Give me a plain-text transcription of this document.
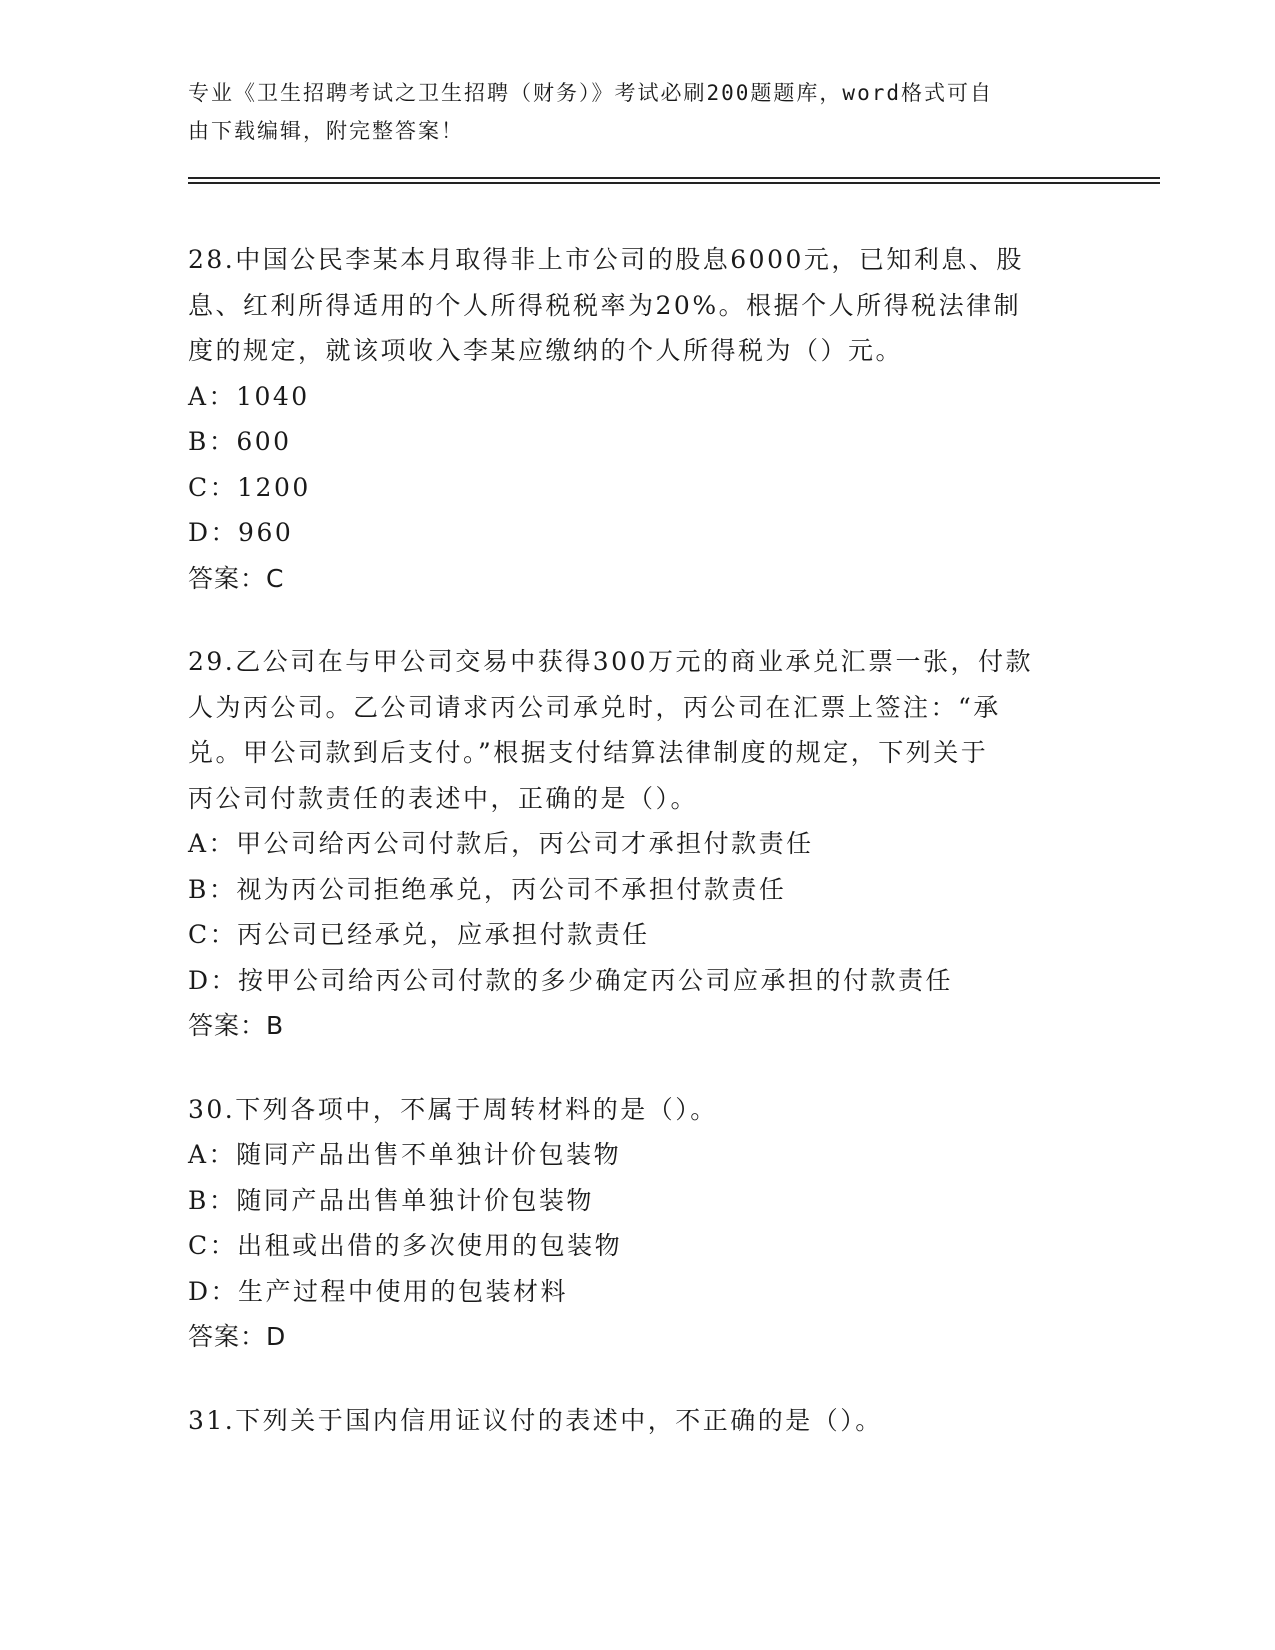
专业《卫生招聘考试之卫生招聘（财务）》考试必刷200题题库，word格式可自
由下载编辑，附完整答案！
28.中国公民李某本月取得非上市公司的股息6000元，已知利息、股
息、红利所得适用的个人所得税税率为20%。根据个人所得税法律制
度的规定，就该项收入李某应缴纳的个人所得税为（）元。
A： 1040
B： 600
C： 1200
D： 960
答案：C
29.乙公司在与甲公司交易中获得300万元的商业承兑汇票一张，付款
人为丙公司。乙公司请求丙公司承兑时，丙公司在汇票上签注：“承
兑。甲公司款到后支付。”根据支付结算法律制度的规定，下列关于
丙公司付款责任的表述中，正确的是（）。
A： 甲公司给丙公司付款后，丙公司才承担付款责任
B： 视为丙公司拒绝承兑，丙公司不承担付款责任
C： 丙公司已经承兑，应承担付款责任
D： 按甲公司给丙公司付款的多少确定丙公司应承担的付款责任
答案：B
30.下列各项中，不属于周转材料的是（）。
A： 随同产品出售不单独计价包装物
B： 随同产品出售单独计价包装物
C： 出租或出借的多次使用的包装物
D： 生产过程中使用的包装材料
答案：D
31.下列关于国内信用证议付的表述中，不正确的是（）。
